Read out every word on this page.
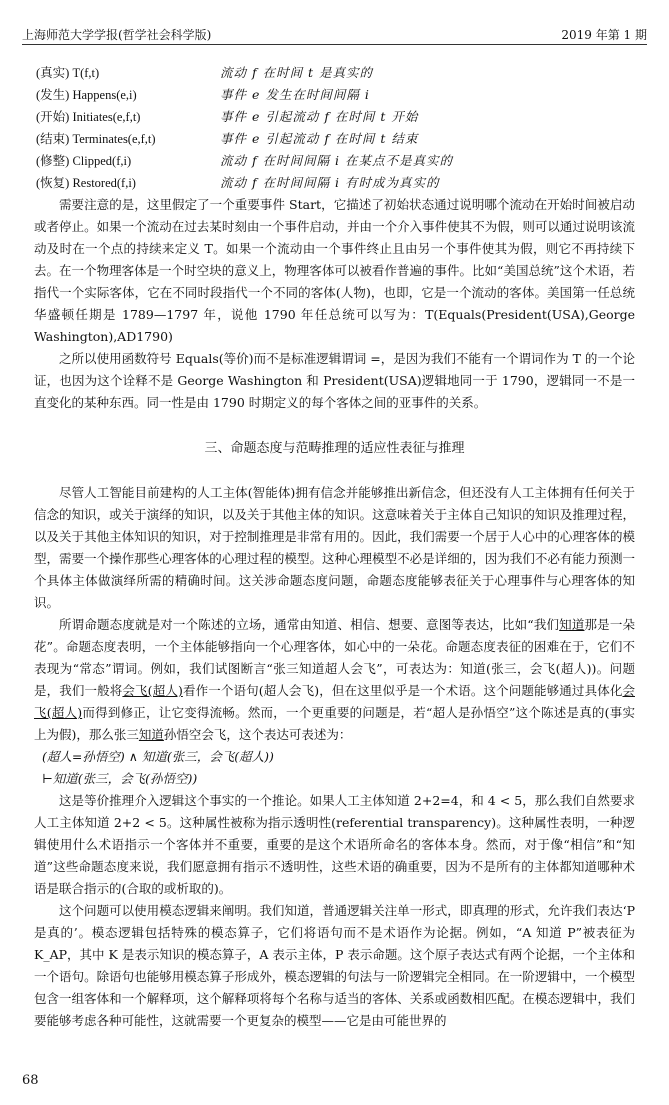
上海师范大学学报(哲学社会科学版)	2019 年第 1 期
(真实) T(f,t)	流动 f 在时间 t 是真实的
(发生) Happens(e,i)	事件 e 发生在时间间隔 i
(开始) Initiates(e,f,t)	事件 e 引起流动 f 在时间 t 开始
(结束) Terminates(e,f,t)	事件 e 引起流动 f 在时间 t 结束
(修整) Clipped(f,i)	流动 f 在时间间隔 i 在某点不是真实的
(恢复) Restored(f,i)	流动 f 在时间间隔 i 有时成为真实的

需要注意的是，这里假定了一个重要事件 Start，它描述了初始状态通过说明哪个流动在开始时间被启动或者停止。如果一个流动在过去某时刻由一个事件启动，并由一个介入事件使其不为假，则可以通过说明该流动及时在一个点的持续来定义 T。如果一个流动由一个事件终止且由另一个事件使其为假，则它不再持续下去。在一个物理客体是一个时空块的意义上，物理客体可以被看作普遍的事件。比如“美国总统”这个术语，若指代一个实际客体，它在不同时段指代一个不同的客体(人物)，也即，它是一个流动的客体。美国第一任总统华盛顿任期是 1789—1797 年，说他 1790 年任总统可以写为：T(Equals(President(USA),George Washington),AD1790)

之所以使用函数符号 Equals(等价)而不是标准逻辑谓词 =，是因为我们不能有一个谓词作为 T 的一个论证，也因为这个诠释不是 George Washington 和 President(USA)逻辑地同一于 1790，逻辑同一不是一直变化的某种东西。同一性是由 1790 时期定义的每个客体之间的亚事件的关系。

三、命题态度与范畴推理的适应性表征与推理

尽管人工智能目前建构的人工主体(智能体)拥有信念并能够推出新信念，但还没有人工主体拥有任何关于信念的知识，或关于演绎的知识，以及关于其他主体的知识。这意味着关于主体自己知识的知识及推理过程，以及关于其他主体知识的知识，对于控制推理是非常有用的。因此，我们需要一个居于人心中的心理客体的模型，需要一个操作那些心理客体的心理过程的模型。这种心理模型不必是详细的，因为我们不必有能力预测一个具体主体做演绎所需的精确时间。这关涉命题态度问题，命题态度能够表征关于心理事件与心理客体的知识。

所谓命题态度就是对一个陈述的立场，通常由知道、相信、想要、意图等表达，比如“我们知道那是一朵花”。命题态度表明，一个主体能够指向一个心理客体，如心中的一朵花。命题态度表征的困难在于，它们不表现为“常态”谓词。例如，我们试图断言“张三知道超人会飞”，可表达为：知道(张三，会飞(超人))。问题是，我们一般将会飞(超人)看作一个语句(超人会飞)，但在这里似乎是一个术语。这个问题能够通过具体化会飞(超人)而得到修正，让它变得流畅。然而，一个更重要的问题是，若“超人是孙悟空”这个陈述是真的(事实上为假)，那么张三知道孙悟空会飞，这个表达可表述为：

(超人=孙悟空) ∧ 知道(张三，会飞(超人))
⊢知道(张三，会飞(孙悟空))

这是等价推理介入逻辑这个事实的一个推论。如果人工主体知道 2+2=4，和 4 < 5，那么我们自然要求人工主体知道 2+2 < 5。这种属性被称为指示透明性(referential transparency)。这种属性表明，一种逻辑使用什么术语指示一个客体并不重要，重要的是这个术语所命名的客体本身。然而，对于像“相信”和“知道”这些命题态度来说，我们愿意拥有指示不透明性，这些术语的确重要，因为不是所有的主体都知道哪种术语是联合指示的(合取的或析取的)。

这个问题可以使用模态逻辑来阐明。我们知道，普通逻辑关注单一形式，即真理的形式，允许我们表达‘P 是真的’。模态逻辑包括特殊的模态算子，它们将语句而不是术语作为论据。例如，“A 知道 P”被表征为 K_AP，其中 K 是表示知识的模态算子，A 表示主体，P 表示命题。这个原子表达式有两个论据，一个主体和一个语句。除语句也能够用模态算子形成外，模态逻辑的句法与一阶逻辑完全相同。在一阶逻辑中，一个模型包含一组客体和一个解释项，这个解释项将每个名称与适当的客体、关系或函数相匹配。在模态逻辑中，我们要能够考虑各种可能性，这就需要一个更复杂的模型——它是由可能世界的

68
